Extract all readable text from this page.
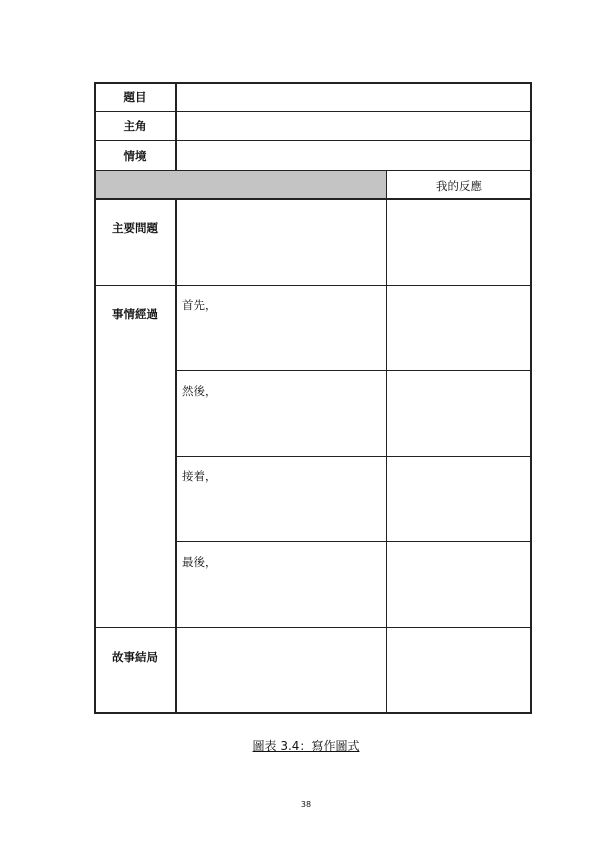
題目
主角
情境
我的反應
主要問題
事情經過
故事結局
首先，
然後，
接着，
最後，
圖表 3.4：寫作圖式
38
